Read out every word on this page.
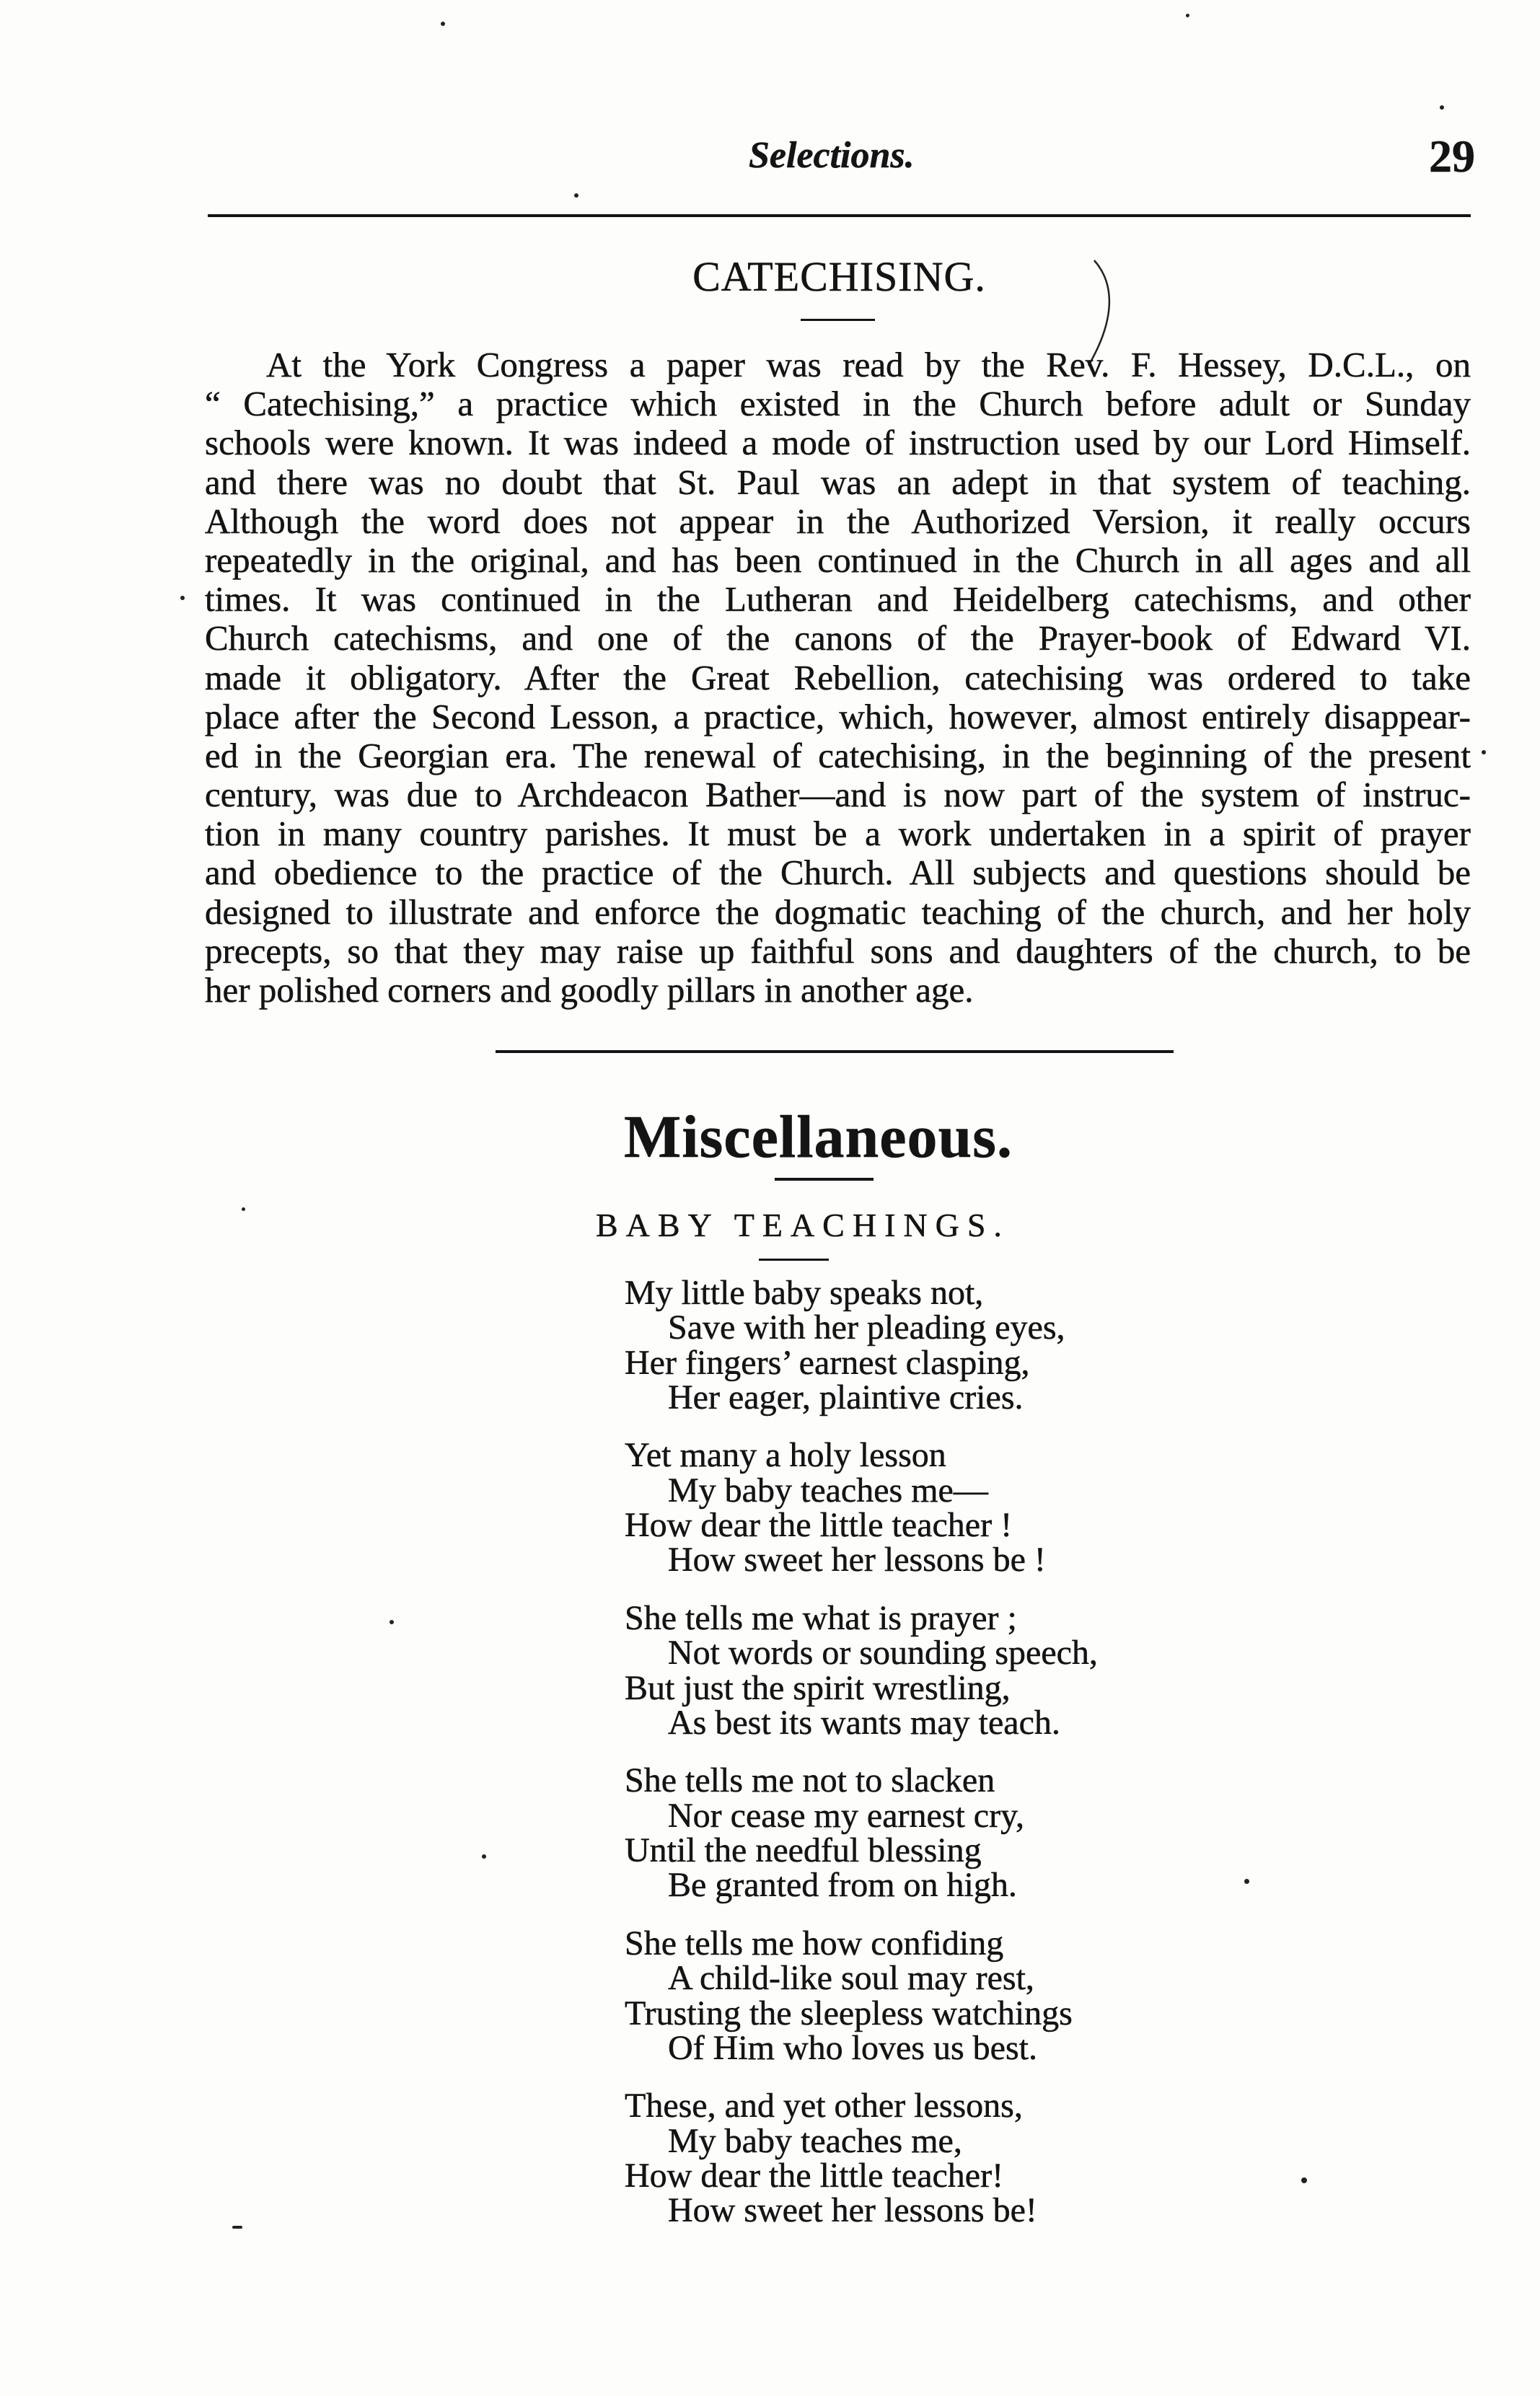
Selections.	29
CATECHISING.
At the York Congress a paper was read by the Rev. F. Hessey, D.C.L., on
“ Catechising,” a practice which existed in the Church before adult or Sunday
schools were known. It was indeed a mode of instruction used by our Lord Himself.
and there was no doubt that St. Paul was an adept in that system of teaching.
Although the word does not appear in the Authorized Version, it really occurs
repeatedly in the original, and has been continued in the Church in all ages and all
times. It was continued in the Lutheran and Heidelberg catechisms, and other
Church catechisms, and one of the canons of the Prayer-book of Edward VI.
made it obligatory. After the Great Rebellion, catechising was ordered to take
place after the Second Lesson, a practice, which, however, almost entirely disappear-
ed in the Georgian era. The renewal of catechising, in the beginning of the present
century, was due to Archdeacon Bather—and is now part of the system of instruc-
tion in many country parishes. It must be a work undertaken in a spirit of prayer
and obedience to the practice of the Church. All subjects and questions should be
designed to illustrate and enforce the dogmatic teaching of the church, and her holy
precepts, so that they may raise up faithful sons and daughters of the church, to be
her polished corners and goodly pillars in another age.
Miscellaneous.
BABY TEACHINGS.
My little baby speaks not,
Save with her pleading eyes,
Her fingers’ earnest clasping,
Her eager, plaintive cries.
Yet many a holy lesson
My baby teaches me—
How dear the little teacher !
How sweet her lessons be !
She tells me what is prayer ;
Not words or sounding speech,
But just the spirit wrestling,
As best its wants may teach.
She tells me not to slacken
Nor cease my earnest cry,
Until the needful blessing
Be granted from on high.
She tells me how confiding
A child-like soul may rest,
Trusting the sleepless watchings
Of Him who loves us best.
These, and yet other lessons,
My baby teaches me,
How dear the little teacher!
How sweet her lessons be!
